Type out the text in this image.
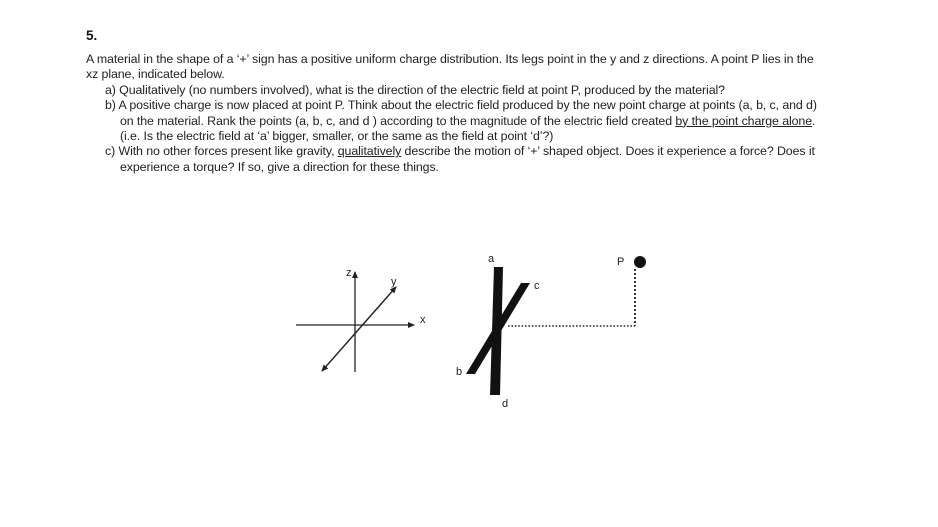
5.

A material in the shape of a ‘+’ sign has a positive uniform charge distribution. Its legs point in the y and z directions. A point P lies in the xz plane, indicated below.

a) Qualitatively (no numbers involved), what is the direction of the electric field at point P, produced by the material?

b) A positive charge is now placed at point P. Think about the electric field produced by the new point charge at points (a, b, c, and d) on the material. Rank the points (a, b, c, and d ) according to the magnitude of the electric field created by the point charge alone. (i.e. Is the electric field at ‘a’ bigger, smaller, or the same as the field at point ‘d’?)

c) With no other forces present like gravity, qualitatively describe the motion of ‘+’ shaped object. Does it experience a force? Does it experience a torque? If so, give a direction for these things.

z
y
x
a
b
c
d
P
